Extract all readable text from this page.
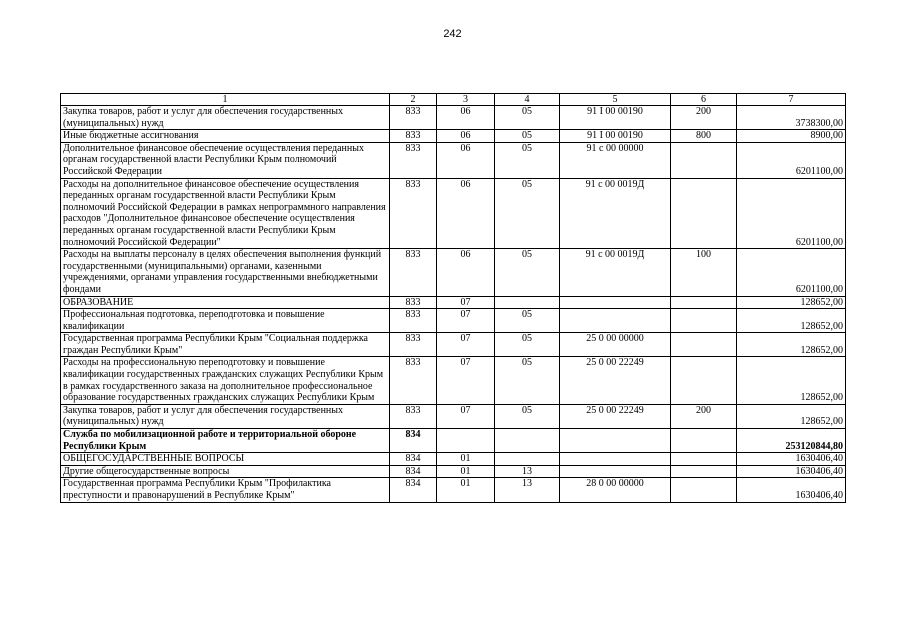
242
1	2	3	4	5	6	7
Закупка товаров, работ и услуг для обеспечения государственных (муниципальных) нужд	833	06	05	91 I 00 00190	200	3738300,00
Иные бюджетные ассигнования	833	06	05	91 I 00 00190	800	8900,00
Дополнительное финансовое обеспечение осуществления переданных органам государственной власти Республики Крым полномочий Российской Федерации	833	06	05	91 с 00 00000		6201100,00
Расходы на дополнительное финансовое обеспечение осуществления переданных органам государственной власти Республики Крым полномочий Российской Федерации в рамках непрограммного направления расходов "Дополнительное финансовое обеспечение осуществления переданных органам государственной власти Республики Крым полномочий Российской Федерации"	833	06	05	91 с 00 0019Д		6201100,00
Расходы на выплаты персоналу в целях обеспечения выполнения функций государственными (муниципальными) органами, казенными учреждениями, органами управления государственными внебюджетными фондами	833	06	05	91 с 00 0019Д	100	6201100,00
ОБРАЗОВАНИЕ	833	07				128652,00
Профессиональная подготовка, переподготовка и повышение квалификации	833	07	05			128652,00
Государственная программа Республики Крым "Социальная поддержка граждан Республики Крым"	833	07	05	25 0 00 00000		128652,00
Расходы на профессиональную переподготовку и повышение квалификации государственных гражданских служащих Республики Крым в рамках государственного заказа на дополнительное профессиональное образование государственных гражданских служащих Республики Крым	833	07	05	25 0 00 22249		128652,00
Закупка товаров, работ и услуг для обеспечения государственных (муниципальных) нужд	833	07	05	25 0 00 22249	200	128652,00
Служба по мобилизационной работе и территориальной обороне Республики Крым	834					253120844,80
ОБЩЕГОСУДАРСТВЕННЫЕ ВОПРОСЫ	834	01				1630406,40
Другие общегосударственные вопросы	834	01	13			1630406,40
Государственная программа Республики Крым "Профилактика преступности и правонарушений в Республике Крым"	834	01	13	28 0 00 00000		1630406,40
